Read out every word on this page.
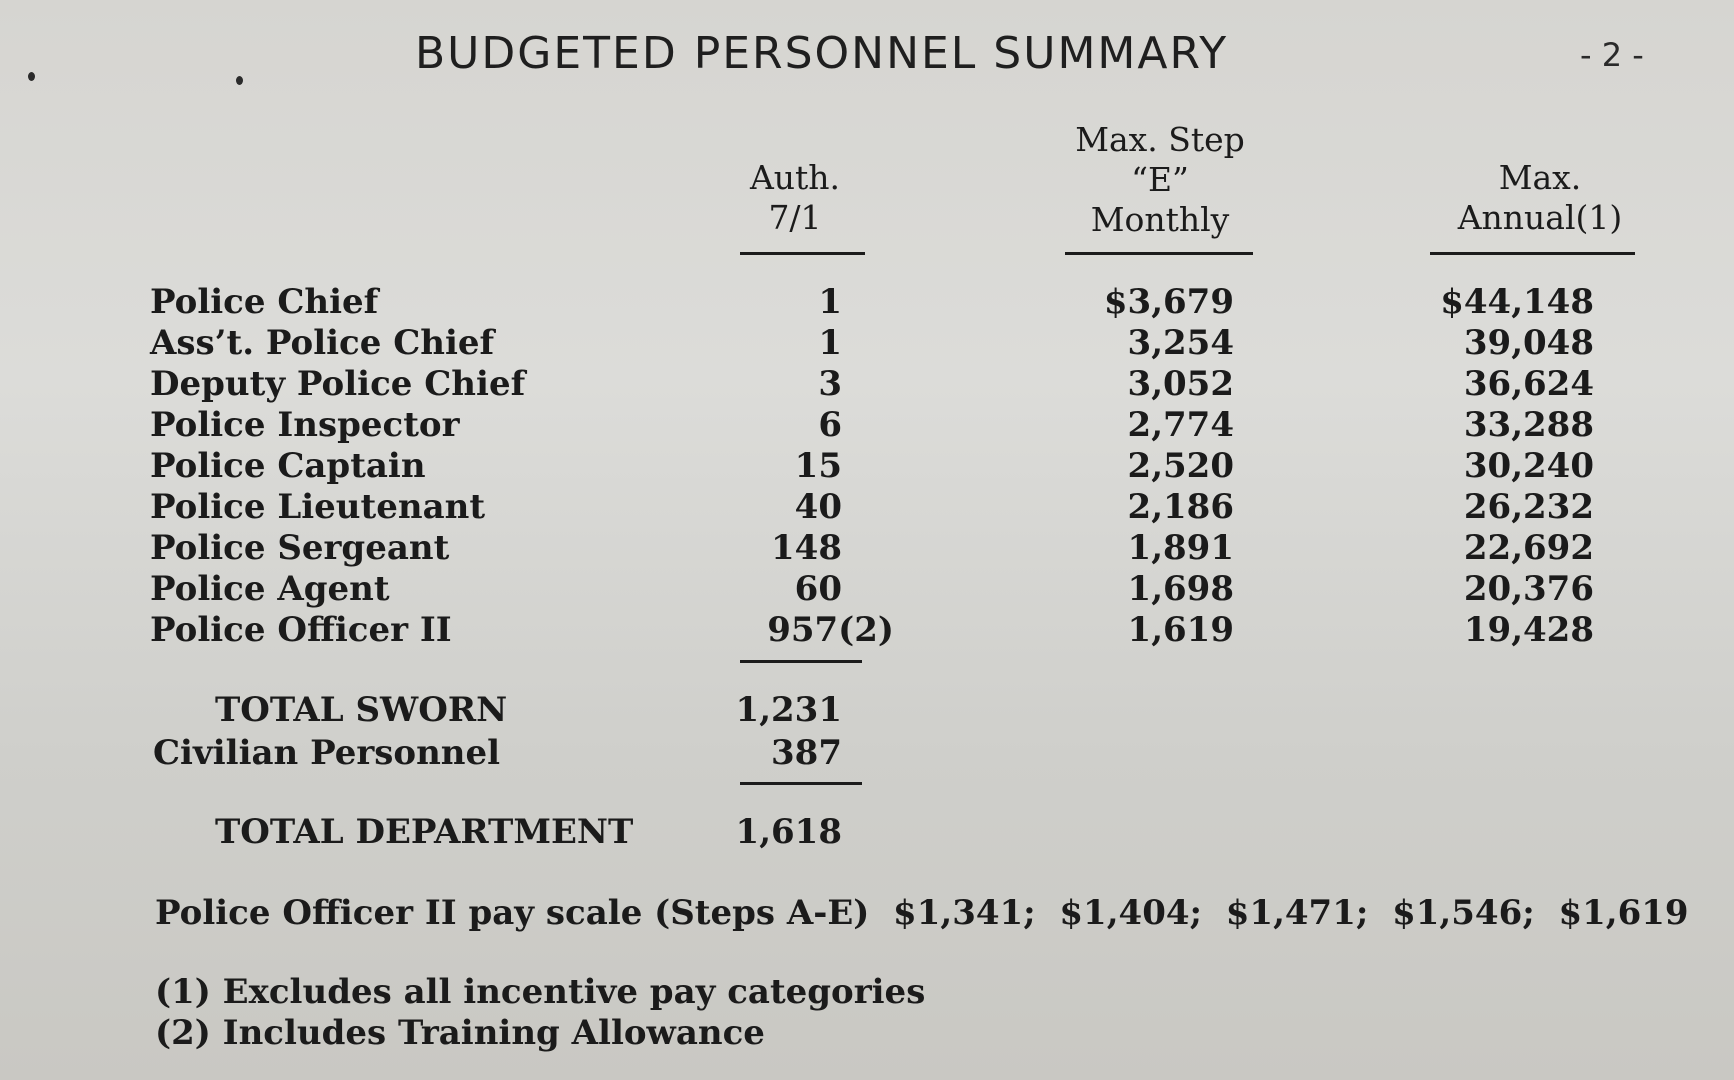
BUDGETED PERSONNEL SUMMARY	- 2 -
Auth.
7/1
Max. Step
“E”
Monthly
Max.
Annual(1)
Police Chief	1	$3,679	$44,148
Ass’t. Police Chief	1	3,254	39,048
Deputy Police Chief	3	3,052	36,624
Police Inspector	6	2,774	33,288
Police Captain	15	2,520	30,240
Police Lieutenant	40	2,186	26,232
Police Sergeant	148	1,891	22,692
Police Agent	60	1,698	20,376
Police Officer II	957(2)	1,619	19,428
TOTAL SWORN	1,231
Civilian Personnel	387
TOTAL DEPARTMENT	1,618
Police Officer II pay scale (Steps A-E)  $1,341;  $1,404;  $1,471;  $1,546;  $1,619
(1) Excludes all incentive pay categories
(2) Includes Training Allowance
